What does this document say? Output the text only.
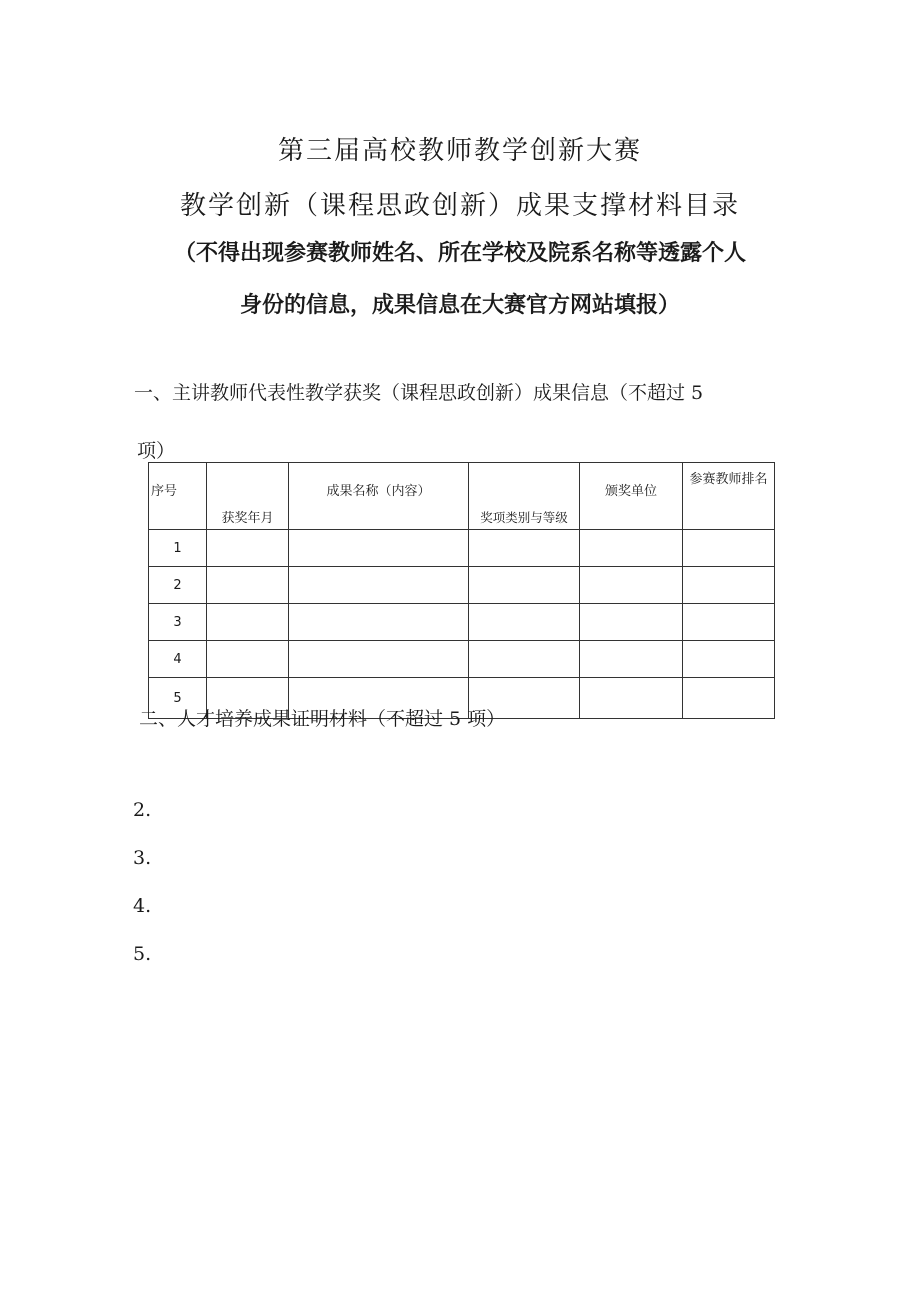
第三届高校教师教学创新大赛
教学创新（课程思政创新）成果支撑材料目录
（不得出现参赛教师姓名、所在学校及院系名称等透露个人
身份的信息，成果信息在大赛官方网站填报）
一、主讲教师代表性教学获奖（课程思政创新）成果信息（不超过 5
项）
序号	获奖年月	成果名称（内容）	奖项类别与等级	颁奖单位	参赛教师排名
1					
2					
3					
4					
5					
二、人才培养成果证明材料（不超过 5 项）
2.
3.
4.
5.
